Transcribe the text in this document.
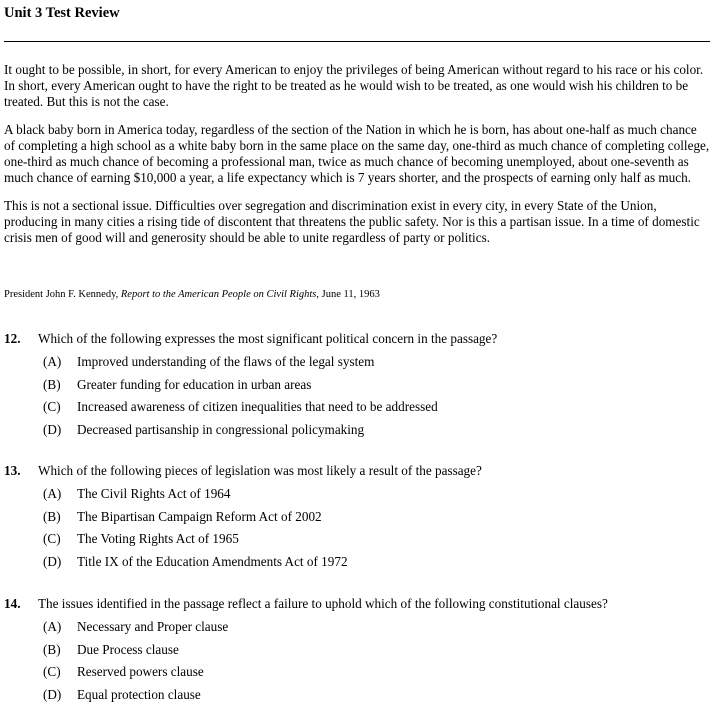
Unit 3 Test Review

It ought to be possible, in short, for every American to enjoy the privileges of being American without regard to his race or his color. In short, every American ought to have the right to be treated as he would wish to be treated, as one would wish his children to be treated. But this is not the case.

A black baby born in America today, regardless of the section of the Nation in which he is born, has about one-half as much chance of completing a high school as a white baby born in the same place on the same day, one-third as much chance of completing college, one-third as much chance of becoming a professional man, twice as much chance of becoming unemployed, about one-seventh as much chance of earning $10,000 a year, a life expectancy which is 7 years shorter, and the prospects of earning only half as much.

This is not a sectional issue. Difficulties over segregation and discrimination exist in every city, in every State of the Union, producing in many cities a rising tide of discontent that threatens the public safety. Nor is this a partisan issue. In a time of domestic crisis men of good will and generosity should be able to unite regardless of party or politics.

President John F. Kennedy, Report to the American People on Civil Rights, June 11, 1963
12. Which of the following expresses the most significant political concern in the passage?
(A) Improved understanding of the flaws of the legal system
(B) Greater funding for education in urban areas
(C) Increased awareness of citizen inequalities that need to be addressed
(D) Decreased partisanship in congressional policymaking
13. Which of the following pieces of legislation was most likely a result of the passage?
(A) The Civil Rights Act of 1964
(B) The Bipartisan Campaign Reform Act of 2002
(C) The Voting Rights Act of 1965
(D) Title IX of the Education Amendments Act of 1972
14. The issues identified in the passage reflect a failure to uphold which of the following constitutional clauses?
(A) Necessary and Proper clause
(B) Due Process clause
(C) Reserved powers clause
(D) Equal protection clause
